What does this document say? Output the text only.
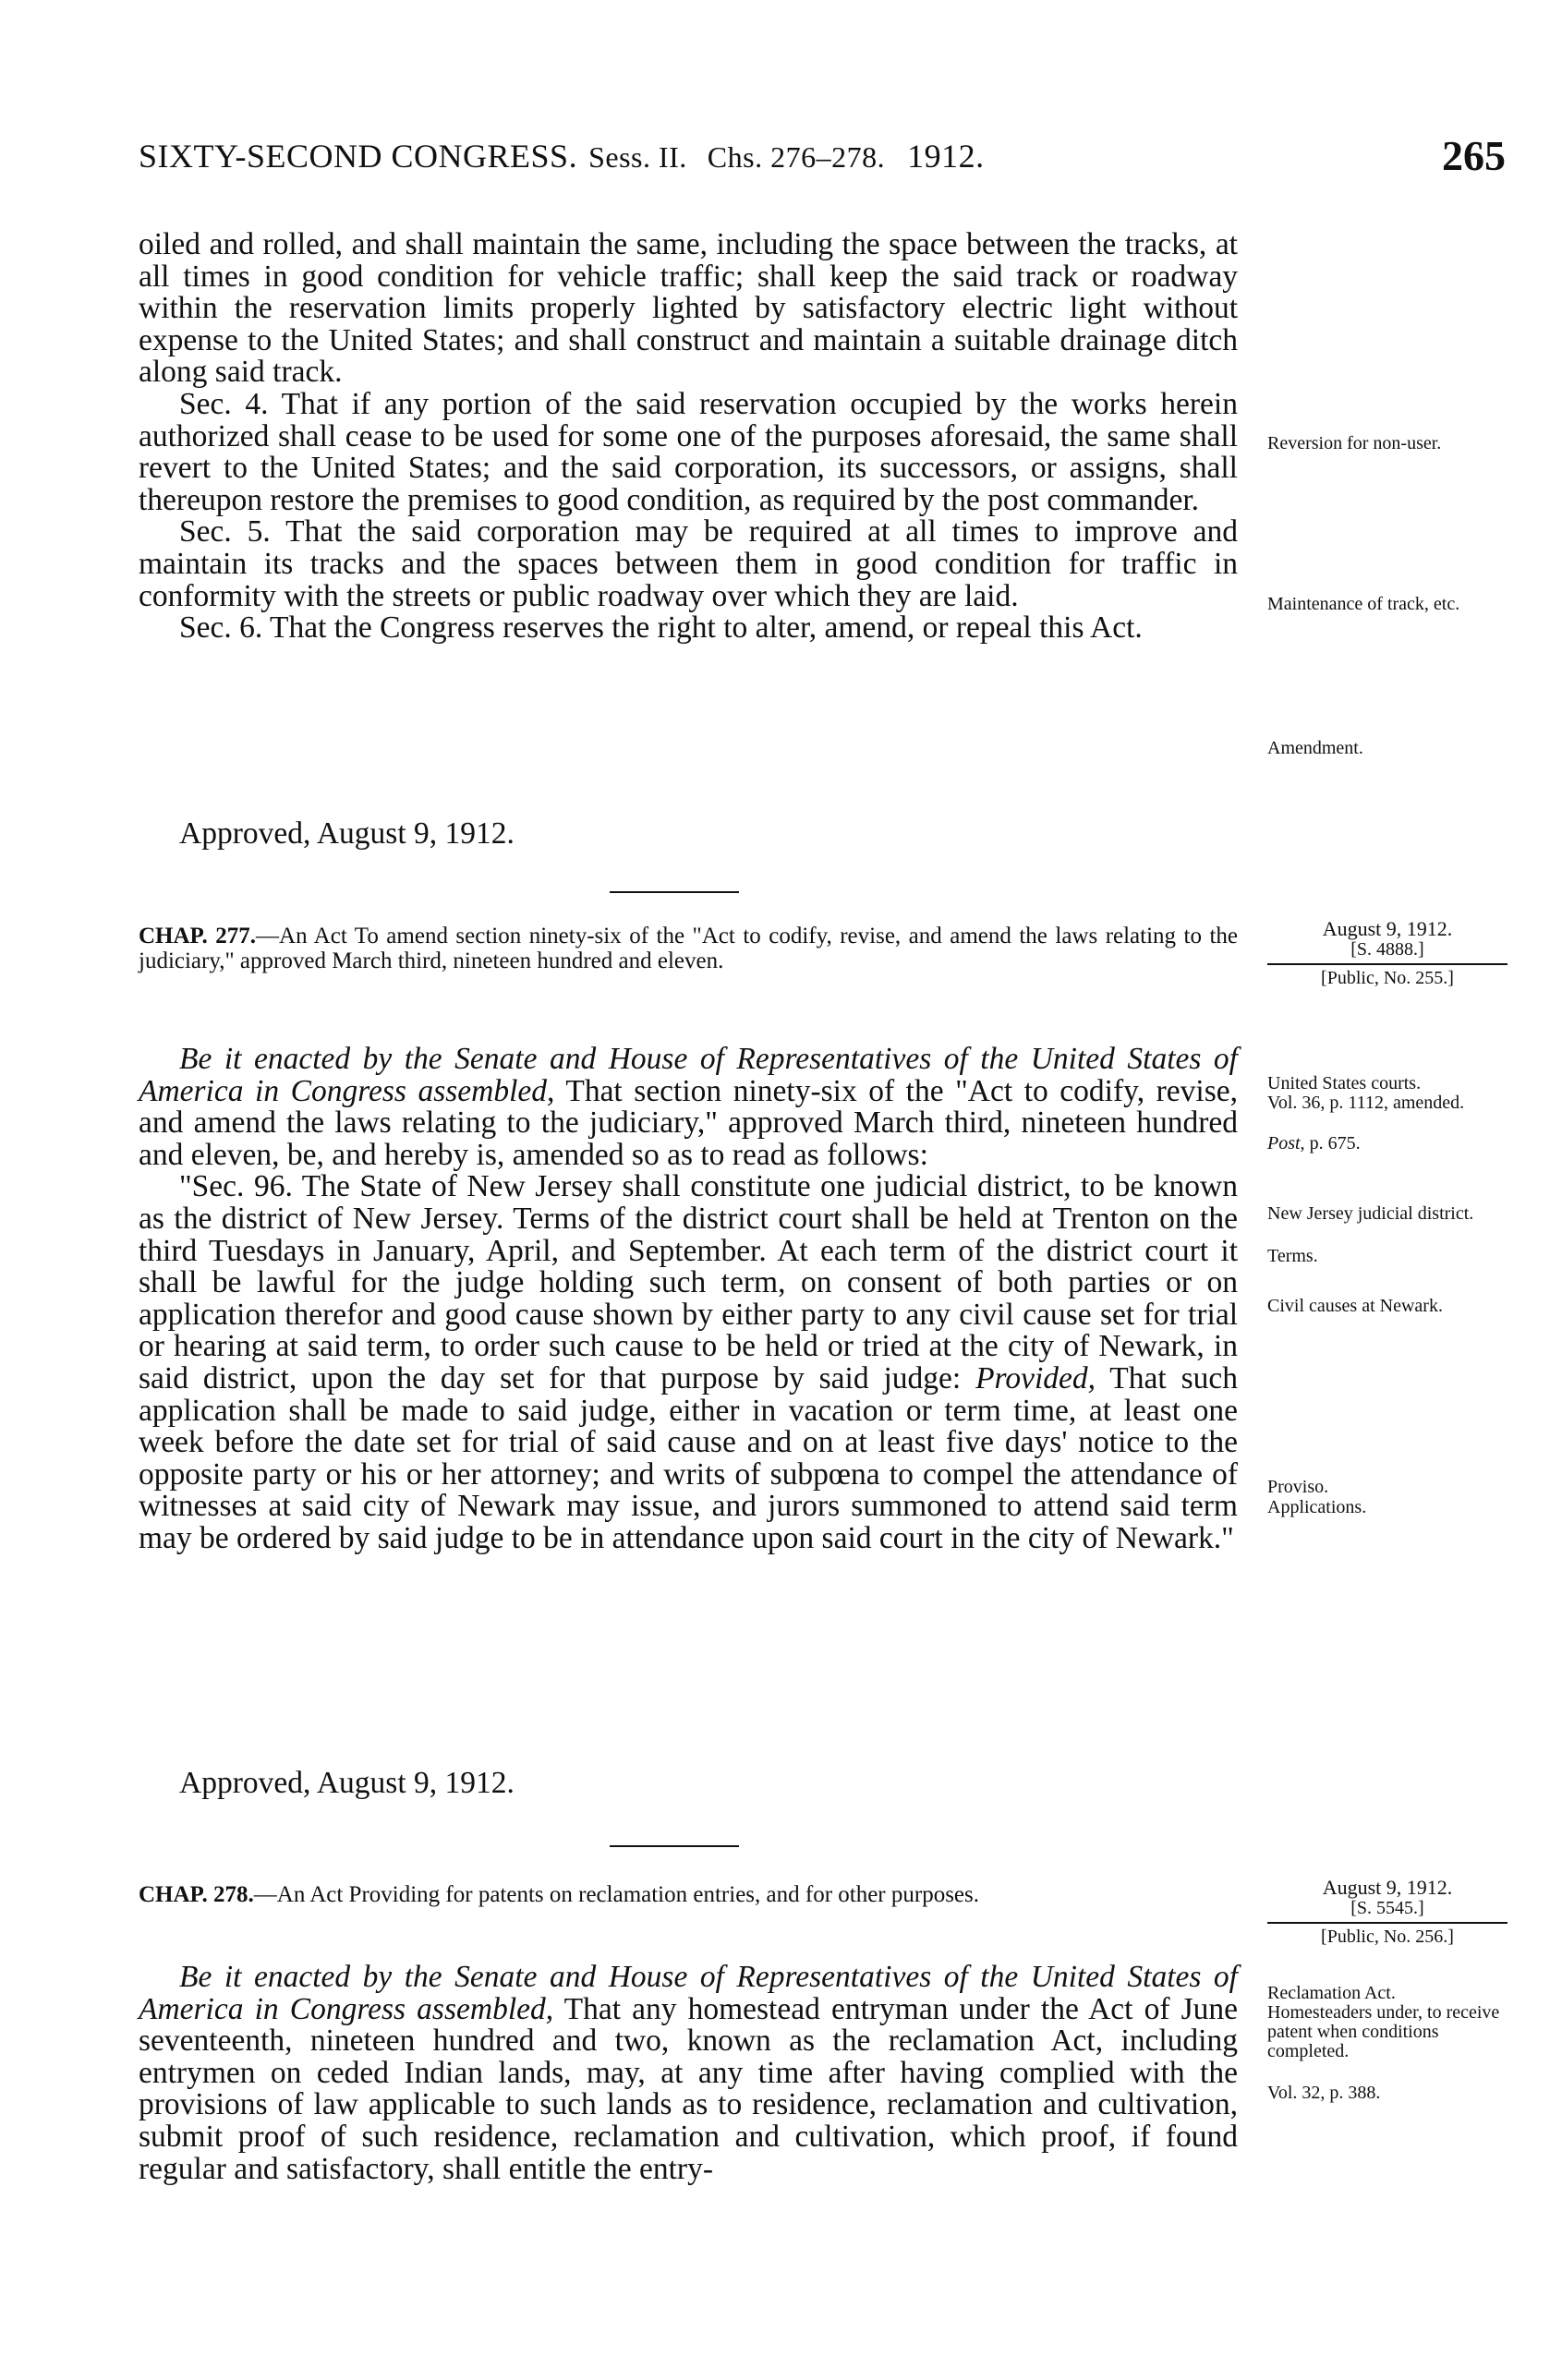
SIXTY-SECOND CONGRESS. Sess. II. Chs. 276–278. 1912.	265

oiled and rolled, and shall maintain the same, including the space between the tracks, at all times in good condition for vehicle traffic; shall keep the said track or roadway within the reservation limits properly lighted by satisfactory electric light without expense to the United States; and shall construct and maintain a suitable drainage ditch along said track.

Sec. 4. That if any portion of the said reservation occupied by the works herein authorized shall cease to be used for some one of the purposes aforesaid, the same shall revert to the United States; and the said corporation, its successors, or assigns, shall thereupon restore the premises to good condition, as required by the post commander.

Sec. 5. That the said corporation may be required at all times to improve and maintain its tracks and the spaces between them in good condition for traffic in conformity with the streets or public roadway over which they are laid.

Sec. 6. That the Congress reserves the right to alter, amend, or repeal this Act.

Approved, August 9, 1912.
Reversion for non-user.
Maintenance of track, etc.
Amendment.
CHAP. 277.—An Act To amend section ninety-six of the "Act to codify, revise, and amend the laws relating to the judiciary," approved March third, nineteen hundred and eleven.
August 9, 1912.
[S. 4888.]
[Public, No. 255.]

Be it enacted by the Senate and House of Representatives of the United States of America in Congress assembled, That section ninety-six of the "Act to codify, revise, and amend the laws relating to the judiciary," approved March third, nineteen hundred and eleven, be, and hereby is, amended so as to read as follows:

"Sec. 96. The State of New Jersey shall constitute one judicial district, to be known as the district of New Jersey. Terms of the district court shall be held at Trenton on the third Tuesdays in January, April, and September. At each term of the district court it shall be lawful for the judge holding such term, on consent of both parties or on application therefor and good cause shown by either party to any civil cause set for trial or hearing at said term, to order such cause to be held or tried at the city of Newark, in said district, upon the day set for that purpose by said judge: Provided, That such application shall be made to said judge, either in vacation or term time, at least one week before the date set for trial of said cause and on at least five days' notice to the opposite party or his or her attorney; and writs of subpœna to compel the attendance of witnesses at said city of Newark may issue, and jurors summoned to attend said term may be ordered by said judge to be in attendance upon said court in the city of Newark."

Approved, August 9, 1912.
United States courts.
Vol. 36, p. 1112, amended.
Post, p. 675.
New Jersey judicial district.
Terms.
Civil causes at Newark.
Proviso.
Applications.
CHAP. 278.—An Act Providing for patents on reclamation entries, and for other purposes.	August 9, 1912.
[S. 5545.]
[Public, No. 256.]

Be it enacted by the Senate and House of Representatives of the United States of America in Congress assembled, That any homestead entryman under the Act of June seventeenth, nineteen hundred and two, known as the reclamation Act, including entrymen on ceded Indian lands, may, at any time after having complied with the provisions of law applicable to such lands as to residence, reclamation and cultivation, submit proof of such residence, reclamation and cultivation, which proof, if found regular and satisfactory, shall entitle the entry-

Reclamation Act.
Homesteaders under, to receive patent when conditions completed.
Vol. 32, p. 388.
